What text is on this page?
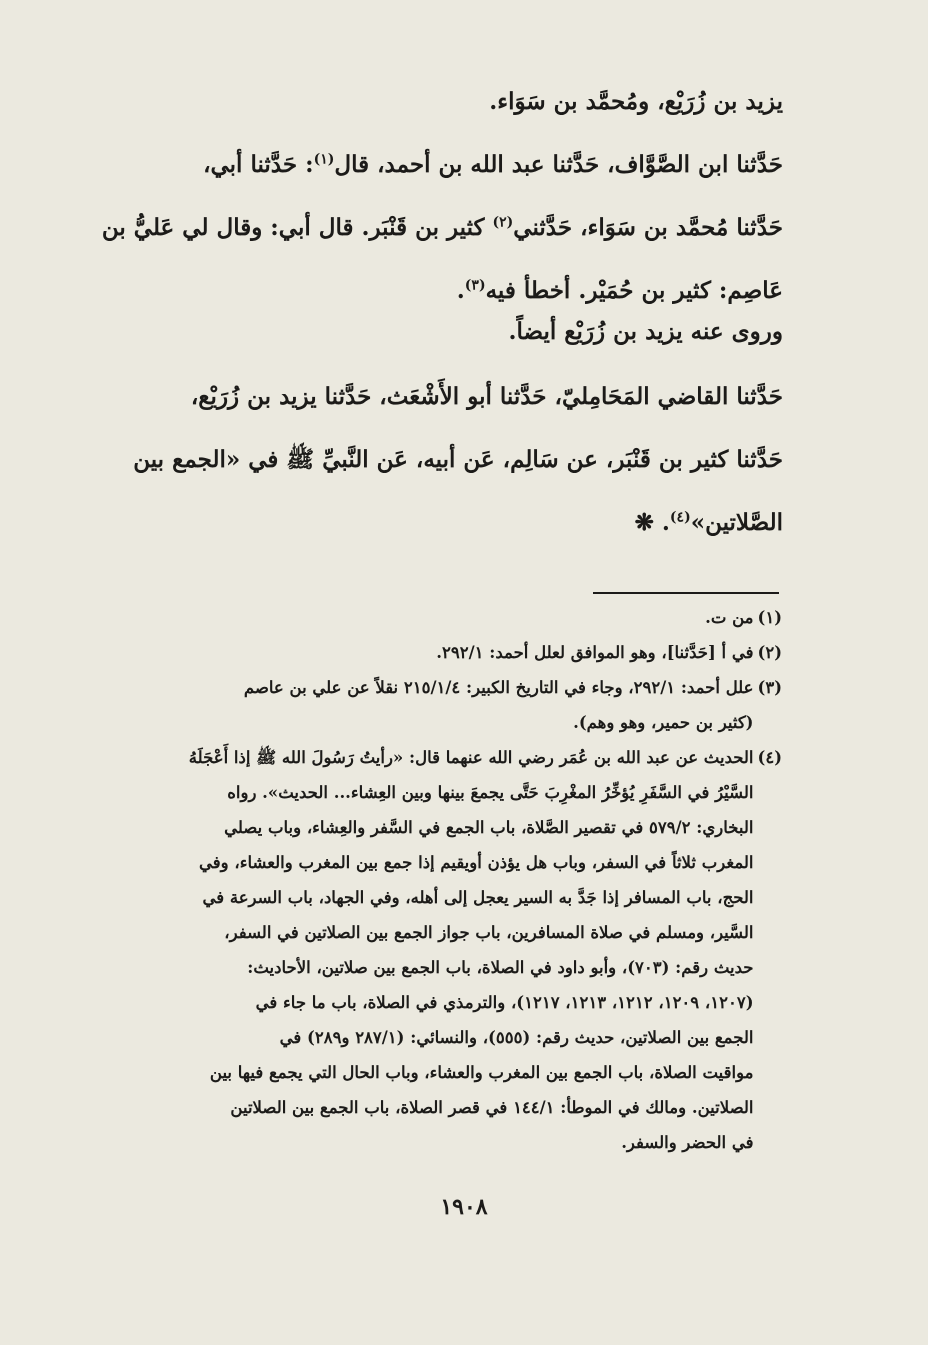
يزيد بن زُرَيْع، ومُحمَّد بن سَوَاء.
حَدَّثنا ابن الصَّوَّاف، حَدَّثنا عبد الله بن أحمد، قال$^{(١)}$: حَدَّثنا أبي،
حَدَّثنا مُحمَّد بن سَوَاء، حَدَّثني$^{(٢)}$ كثير بن قَنْبَر. قال أبي: وقال لي عَليُّ بن
عَاصِم: كثير بن حُمَيْر. أخطأ فيه$^{(٣)}$.
وروى عنه يزيد بن زُرَيْع أيضاً.
حَدَّثنا القاضي المَحَامِليّ، حَدَّثنا أبو الأَشْعَث، حَدَّثنا يزيد بن زُرَيْع،
حَدَّثنا كثير بن قَنْبَر، عن سَالِم، عَن أبيه، عَن النَّبيِّ ﷺ في «الجمع بين
الصَّلاتين»$^{(٤)}$. ❋
(١)
من ت.
(٢)
في أ [حَدَّثنا]، وهو الموافق لعلل أحمد: ٢٩٢/١.
(٣)
علل أحمد: ٢٩٢/١، وجاء في التاريخ الكبير: ٢١٥/١/٤ نقلاً عن علي بن عاصم
(كثير بن حمير، وهو وهم).
(٤)
الحديث عن عبد الله بن عُمَر رضي الله عنهما قال: «رأيتُ رَسُولَ الله ﷺ إذا أَعْجَلَهُ
السَّيْرُ في السَّفَرِ يُؤخِّرُ المغْرِبَ حَتَّى يجمعَ بينها وبين العِشاء... الحديث». رواه
البخاري: ٥٧٩/٢ في تقصير الصَّلاة، باب الجمع في السَّفر والعِشاء، وباب يصلي
المغرب ثلاثاً في السفر، وباب هل يؤذن أويقيم إذا جمع بين المغرب والعشاء، وفي
الحج، باب المسافر إذا جَدَّ به السير يعجل إلى أهله، وفي الجهاد، باب السرعة في
السَّير، ومسلم في صلاة المسافرين، باب جواز الجمع بين الصلاتين في السفر،
حديث رقم: (٧٠٣)، وأبو داود في الصلاة، باب الجمع بين صلاتين، الأحاديث:
(١٢٠٧، ١٢٠٩، ١٢١٢، ١٢١٣، ١٢١٧)، والترمذي في الصلاة، باب ما جاء في
الجمع بين الصلاتين، حديث رقم: (٥٥٥)، والنسائي: (٢٨٧/١ و٢٨٩) في
مواقيت الصلاة، باب الجمع بين المغرب والعشاء، وباب الحال التي يجمع فيها بين
الصلاتين. ومالك في الموطأ: ١٤٤/١ في قصر الصلاة، باب الجمع بين الصلاتين
في الحضر والسفر.
١٩٠٨
